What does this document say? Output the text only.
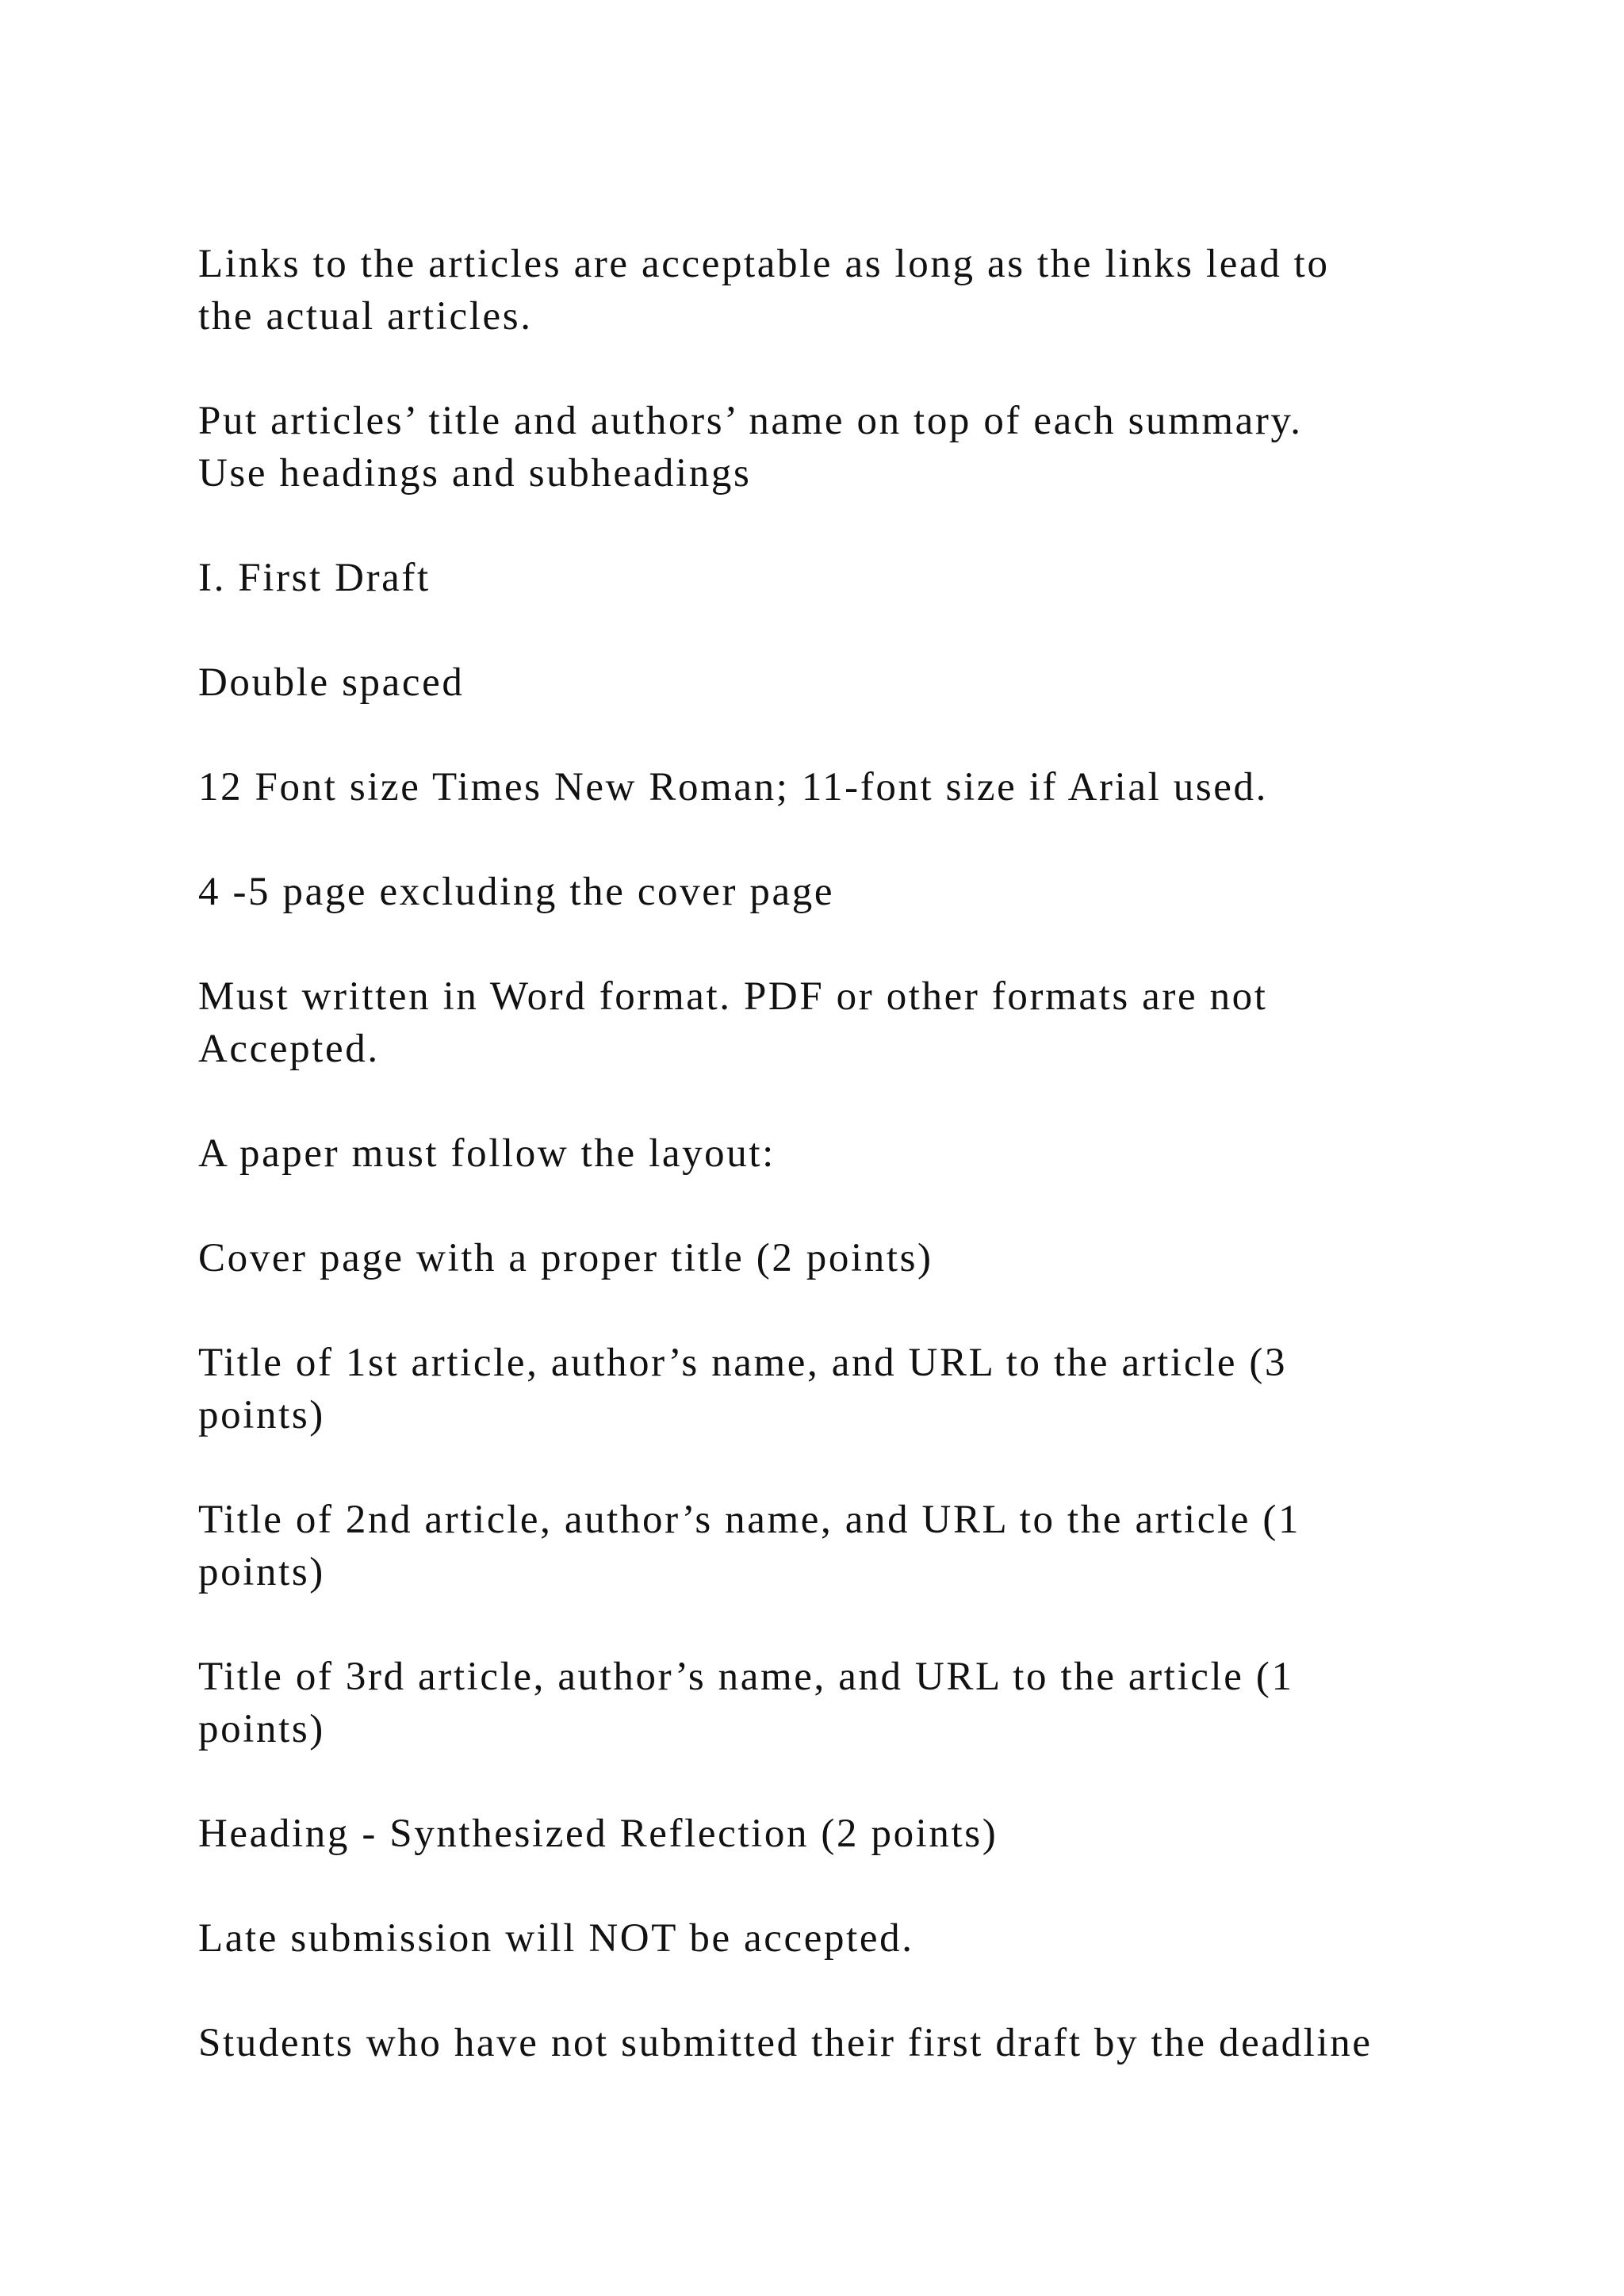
Links to the articles are acceptable as long as the links lead to
the actual articles.

Put articles’ title and authors’ name on top of each summary.
Use headings and subheadings

I. First Draft

Double spaced

12 Font size Times New Roman; 11-font size if Arial used.

4 -5 page excluding the cover page

Must written in Word format. PDF or other formats are not
Accepted.

A paper must follow the layout:

Cover page with a proper title (2 points)

Title of 1st article, author’s name, and URL to the article (3
points)

Title of 2nd article, author’s name, and URL to the article (1
points)

Title of 3rd article, author’s name, and URL to the article (1
points)

Heading - Synthesized Reflection (2 points)

Late submission will NOT be accepted.

Students who have not submitted their first draft by the deadline
